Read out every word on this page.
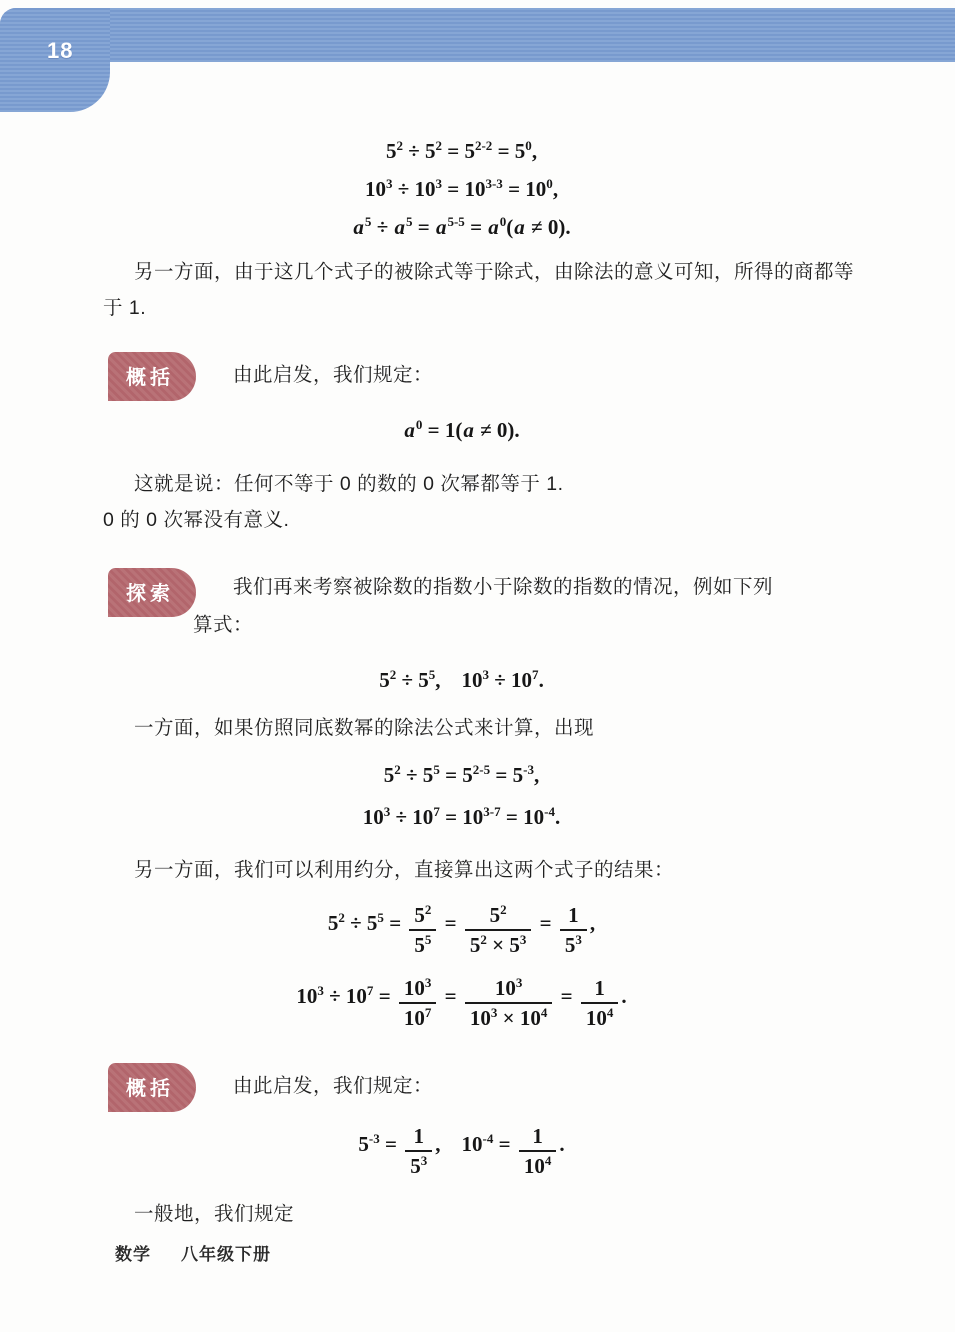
18
$5^2 \div 5^2 = 5^{2-2} = 5^0$,
$10^3 \div 10^3 = 10^{3-3} = 10^0$,
$a^5 \div a^5 = a^{5-5} = a^0(a \ne 0)$.
另一方面，由于这几个式子的被除式等于除式，由除法的意义可知，所得的商都等于 1.
概括	由此启发，我们规定：
$a^0 = 1(a \ne 0)$.
这就是说：任何不等于 0 的数的 0 次幂都等于 1.
0 的 0 次幂没有意义.
探索	我们再来考察被除数的指数小于除数的指数的情况，例如下列
算式：
$5^2 \div 5^5$,　$10^3 \div 10^7$.
一方面，如果仿照同底数幂的除法公式来计算，出现
$5^2 \div 5^5 = 5^{2-5} = 5^{-3}$,
$10^3 \div 10^7 = 10^{3-7} = 10^{-4}$.
另一方面，我们可以利用约分，直接算出这两个式子的结果：
$5^2 \div 5^5 = \frac{5^2}{5^5} = \frac{5^2}{5^2 \times 5^3} = \frac{1}{5^3}$ ,
$10^3 \div 10^7 = \frac{10^3}{10^7} = \frac{10^3}{10^3 \times 10^4} = \frac{1}{10^4}$ .
概括	由此启发，我们规定：
$5^{-3} = \frac{1}{5^3}$ ,　$10^{-4} = \frac{1}{10^4}$ .
一般地，我们规定
数学 八年级下册
